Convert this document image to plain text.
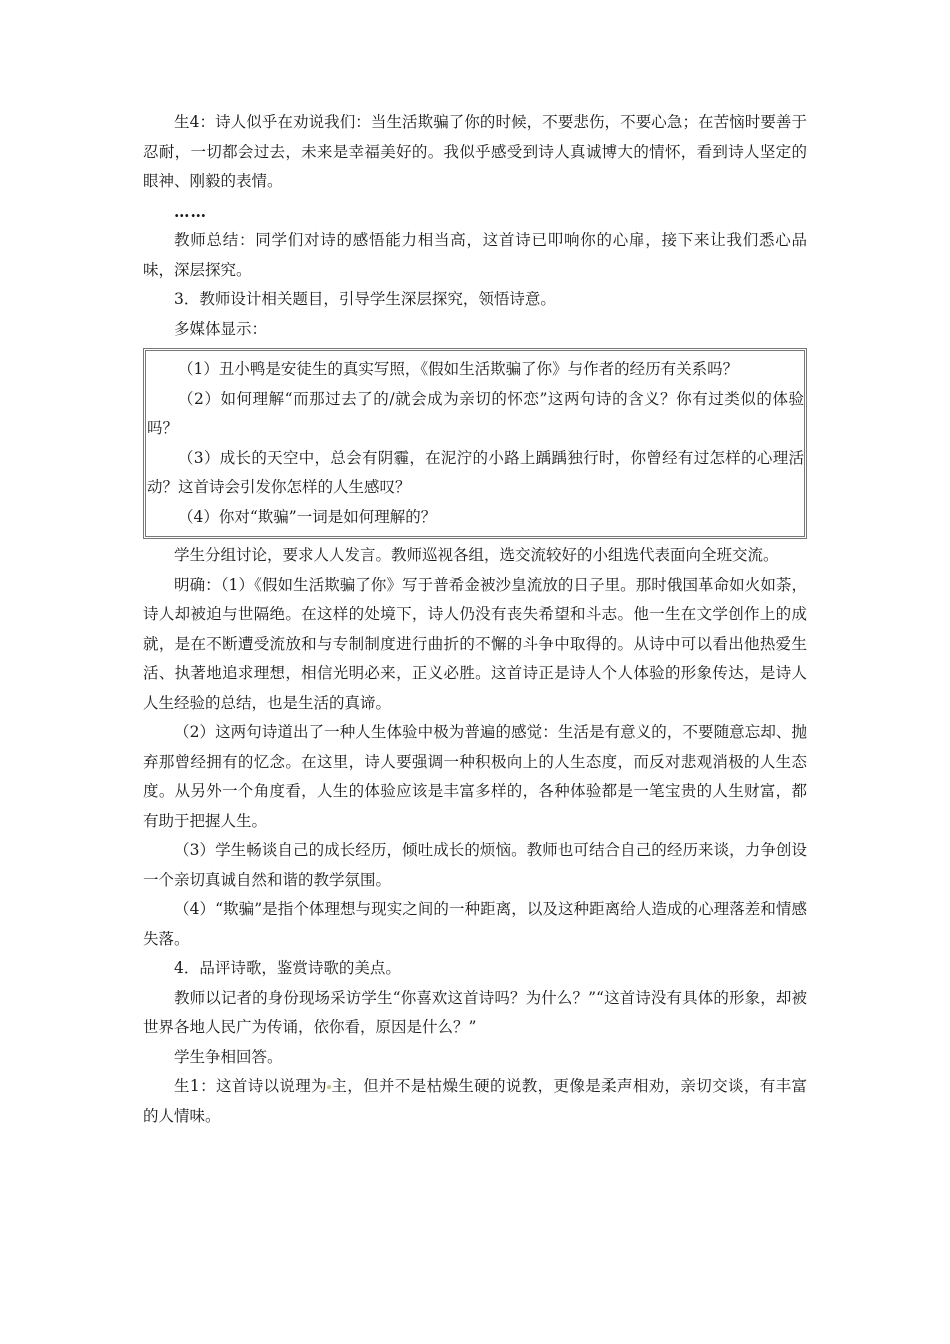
生4：诗人似乎在劝说我们：当生活欺骗了你的时候，不要悲伤，不要心急；在苦恼时要善于忍耐，一切都会过去，未来是幸福美好的。我似乎感受到诗人真诚博大的情怀，看到诗人坚定的眼神、刚毅的表情。

……

教师总结：同学们对诗的感悟能力相当高，这首诗已叩响你的心扉，接下来让我们悉心品味，深层探究。

3．教师设计相关题目，引导学生深层探究，领悟诗意。

多媒体显示：

（1）丑小鸭是安徒生的真实写照，《假如生活欺骗了你》与作者的经历有关系吗？

（2）如何理解“而那过去了的/就会成为亲切的怀恋”这两句诗的含义？你有过类似的体验吗？

（3）成长的天空中，总会有阴霾，在泥泞的小路上踽踽独行时，你曾经有过怎样的心理活动？这首诗会引发你怎样的人生感叹？

（4）你对“欺骗”一词是如何理解的？

学生分组讨论，要求人人发言。教师巡视各组，选交流较好的小组选代表面向全班交流。

明确：（1）《假如生活欺骗了你》写于普希金被沙皇流放的日子里。那时俄国革命如火如荼，诗人却被迫与世隔绝。在这样的处境下，诗人仍没有丧失希望和斗志。他一生在文学创作上的成就，是在不断遭受流放和与专制制度进行曲折的不懈的斗争中取得的。从诗中可以看出他热爱生活、执著地追求理想，相信光明必来，正义必胜。这首诗正是诗人个人体验的形象传达，是诗人人生经验的总结，也是生活的真谛。

（2）这两句诗道出了一种人生体验中极为普遍的感觉：生活是有意义的，不要随意忘却、抛弃那曾经拥有的忆念。在这里，诗人要强调一种积极向上的人生态度，而反对悲观消极的人生态度。从另外一个角度看，人生的体验应该是丰富多样的，各种体验都是一笔宝贵的人生财富，都有助于把握人生。

（3）学生畅谈自己的成长经历，倾吐成长的烦恼。教师也可结合自己的经历来谈，力争创设一个亲切真诚自然和谐的教学氛围。

（4）“欺骗”是指个体理想与现实之间的一种距离，以及这种距离给人造成的心理落差和情感失落。

4．品评诗歌，鉴赏诗歌的美点。

教师以记者的身份现场采访学生“你喜欢这首诗吗？为什么？”“这首诗没有具体的形象，却被世界各地人民广为传诵，依你看，原因是什么？”

学生争相回答。

生1：这首诗以说理为 主，但并不是枯燥生硬的说教，更像是柔声相劝，亲切交谈，有丰富的人情味。
